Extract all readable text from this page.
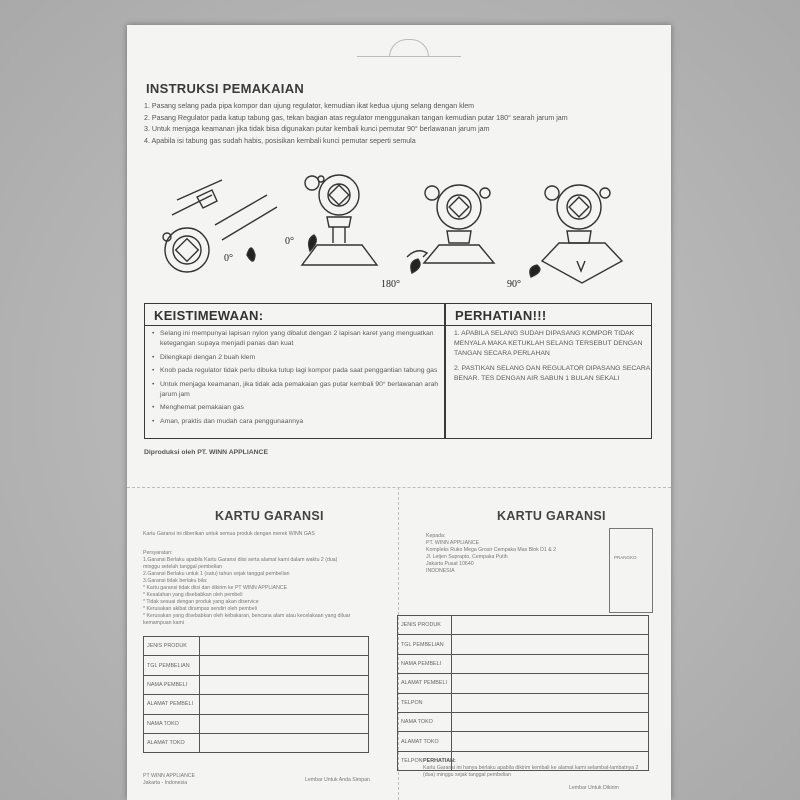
INSTRUKSI PEMAKAIAN
1. Pasang selang pada pipa kompor dan ujung regulator, kemudian ikat kedua ujung selang dengan klem
2. Pasang Regulator pada katup tabung gas, tekan bagian atas regulator menggunakan tangan kemudian putar 180° searah jarum jam
3. Untuk menjaga keamanan jika tidak bisa digunakan putar kembali kunci pemutar 90° berlawanan jarum jam
4. Apabila isi tabung gas sudah habis, posisikan kembali kunci pemutar seperti semula
0°
0°
180°	90°
KEISTIMEWAAN:	PERHATIAN!!!
• Selang ini mempunyai lapisan nylon yang dibalut dengan 2 lapisan karet yang menguatkan ketegangan supaya menjadi panas dan kuat
• Dilengkapi dengan 2 buah klem
• Knob pada regulator tidak perlu dibuka tutup lagi kompor pada saat penggantian tabung gas
• Untuk menjaga keamanan, jika tidak ada pemakaian gas putar kembali 90° berlawanan arah jarum jam
• Menghemat pemakaian gas
• Aman, praktis dan mudah cara penggunaannya
1. APABILA SELANG SUDAH DIPASANG KOMPOR TIDAK MENYALA MAKA KETUKLAH SELANG TERSEBUT DENGAN TANGAN SECARA PERLAHAN
2. PASTIKAN SELANG DAN REGULATOR DIPASANG SECARA BENAR. TES DENGAN AIR SABUN 1 BULAN SEKALI
Diproduksi oleh PT. WINN APPLIANCE
KARTU GARANSI
Kartu Garansi ini diberikan untuk semua produk dengan merek WINN GAS
Persyaratan:
1.Garansi Berlaku apabila Kartu Garansi diisi serta alamat kami dalam waktu 2 (dua)
minggu setelah tanggal pembelian
2.Garansi Berlaku untuk 1 (satu) tahun sejak tanggal pembelian
3.Garansi tidak berlaku bila:
* Kartu garansi tidak diisi dan dikirim ke PT WINN APPLIANCE
* Kesalahan yang disebabkan oleh pembeli
* Tidak sesuai dengan produk yang akan diservice
* Kerusakan akibat dirampas sendiri oleh pembeli
* Kerusakan yang disebabkan oleh kebakaran, bencana alam atau kecelakaan yang diluar
kemampuan kami
JENIS PRODUK	
TGL PEMBELIAN	
NAMA PEMBELI	
ALAMAT PEMBELI	
NAMA TOKO	
ALAMAT TOKO	
PT WINN APPLIANCE
Jakarta - Indonesia	Lembar Untuk Anda Simpan
KARTU GARANSI
Kepada:
PT. WINN APPLIANCE
Kompleks Ruko Mega Grosir Cempaka Mas Blok D1 & 2
Jl. Letjen Suprapto, Cempaka Putih
Jakarta Pusat 10640
INDONESIA
PRANGKO
JENIS PRODUK	
TGL PEMBELIAN	
NAMA PEMBELI	
ALAMAT PEMBELI	
TELPON	
NAMA TOKO	
ALAMAT TOKO	
TELPON	PERHATIAN:
Kartu Garansi ini hanya berlaku apabila dikirim kembali ke alamat kami selambat-lambatnya 2 (dua) minggu sejak tanggal pembelian
Lembar Untuk Dikirim
